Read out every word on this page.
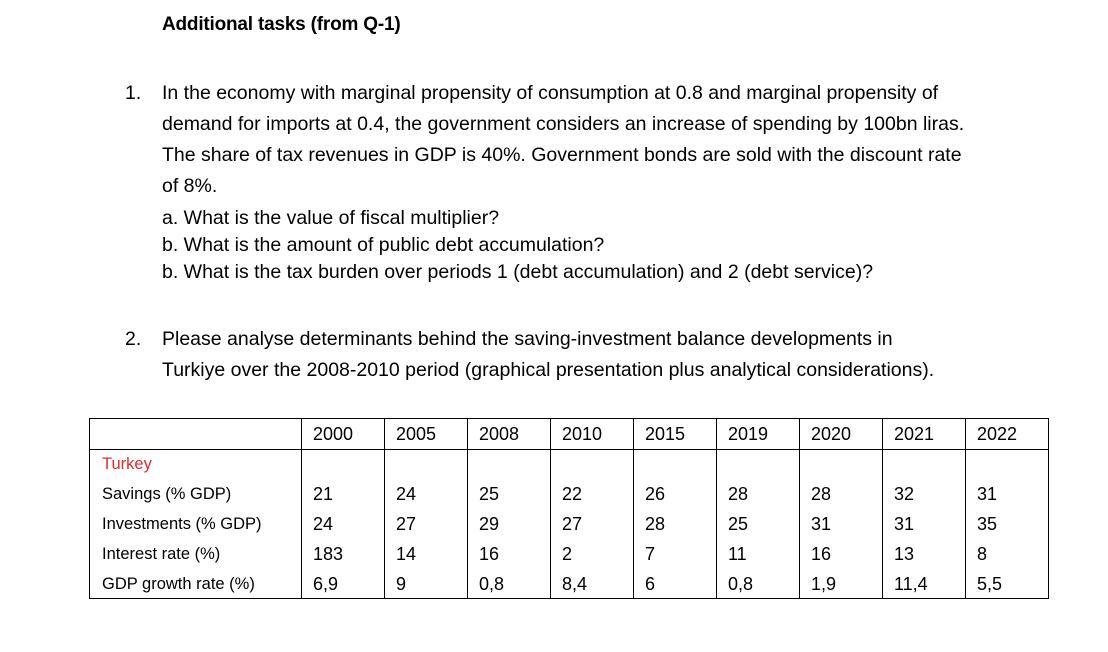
Additional tasks (from Q-1)
1.	In the economy with marginal propensity of consumption at 0.8 and marginal propensity of

demand for imports at 0.4, the government considers an increase of spending by 100bn liras.

The share of tax revenues in GDP is 40%. Government bonds are sold with the discount rate

of 8%.

a. What is the value of fiscal multiplier?
b. What is the amount of public debt accumulation?
b. What is the tax burden over periods 1 (debt accumulation) and 2 (debt service)?
2.	Please analyse determinants behind the saving-investment balance developments in

Turkiye over the 2008-2010 period (graphical presentation plus analytical considerations).

	2000	2005	2008	2010	2015	2019	2020	2021	2022
Turkey									
Savings (% GDP)	21	24	25	22	26	28	28	32	31
Investments (% GDP)	24	27	29	27	28	25	31	31	35
Interest rate (%)	183	14	16	2	7	11	16	13	8
GDP growth rate (%)	6,9	9	0,8	8,4	6	0,8	1,9	11,4	5,5
